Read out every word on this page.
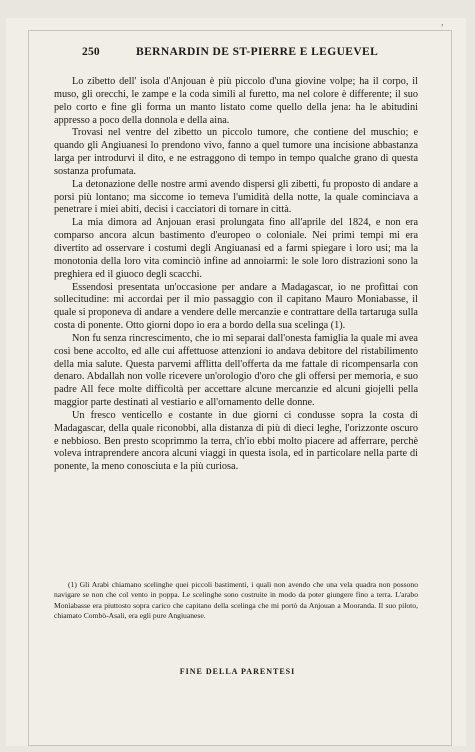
’
250	BERNARDIN DE ST-PIERRE E LEGUEVEL

Lo zibetto dell' isola d'Anjouan è più piccolo d'una giovine volpe; ha il corpo, il muso, gli orecchi, le zampe e la coda simili al furetto, ma nel colore è differente; il suo pelo corto e fine gli forma un manto listato come quello della jena: ha le abitudini appresso a poco della donnola e della aina.

Trovasi nel ventre del zibetto un piccolo tumore, che contiene del muschio; e quando gli Angiuanesi lo prendono vivo, fanno a quel tumore una incisione abbastanza larga per introdurvi il dito, e ne estraggono di tempo in tempo qualche grano di questa sostanza profumata.

La detonazione delle nostre armi avendo dispersi gli zibetti, fu proposto di andare a porsi più lontano; ma siccome io temeva l'umidità della notte, la quale cominciava a penetrare i miei abiti, decisi i cacciatori di tornare in città.

La mia dimora ad Anjouan erasi prolungata fino all'aprile del 1824, e non era comparso ancora alcun bastimento d'europeo o coloniale. Nei primi tempi mi era divertito ad osservare i costumi degli Angiuanasi ed a farmi spiegare i loro usi; ma la monotonia della loro vita cominciò infine ad annoiarmi: le sole loro distrazioni sono la preghiera ed il giuoco degli scacchi.

Essendosi presentata un'occasione per andare a Madagascar, io ne profittai con sollecitudine: mi accordai per il mio passaggio con il capitano Mauro Monìabasse, il quale si proponeva di andare a vendere delle mercanzie e contrattare della tartaruga sulla costa di ponente. Otto giorni dopo io era a bordo della sua scelinga (1).

Non fu senza rincrescimento, che io mi separai dall'onesta famiglia la quale mi avea così bene accolto, ed alle cui affettuose attenzioni io andava debitore del ristabilimento della mia salute. Questa parvemi afflitta dell'offerta da me fattale di ricompensarla con denaro. Abdallah non volle ricevere un'orologio d'oro che gli offersi per memoria, e suo padre All fece molte difficoltà per accettare alcune mercanzie ed alcuni giojelli pella maggior parte destinati al vestiario e all'ornamento delle donne.

Un fresco venticello e costante in due giorni ci condusse sopra la costa di Madagascar, della quale riconobbi, alla distanza di più di dieci leghe, l'orizzonte oscuro e nebbioso. Ben presto scoprimmo la terra, ch'io ebbi molto piacere ad afferrare, perchè voleva intraprendere ancora alcuni viaggi in questa isola, ed in particolare nella parte di ponente, la meno conosciuta e la più curiosa.

(1) Gli Arabi chiamano scelinghe quei piccoli bastimenti, i quali non avendo che una vela quadra non possono navigare se non che col vento in poppa. Le scelinghe sono costruite in modo da poter giungere fino a terra. L'arabo Monìabasse era piuttosto sopra carico che capitano della scelinga che mi portò da Anjouan a Mooranda. Il suo piloto, chiamato Combò-Asali, era egli pure Angiuanese.

FINE DELLA PARENTESI
